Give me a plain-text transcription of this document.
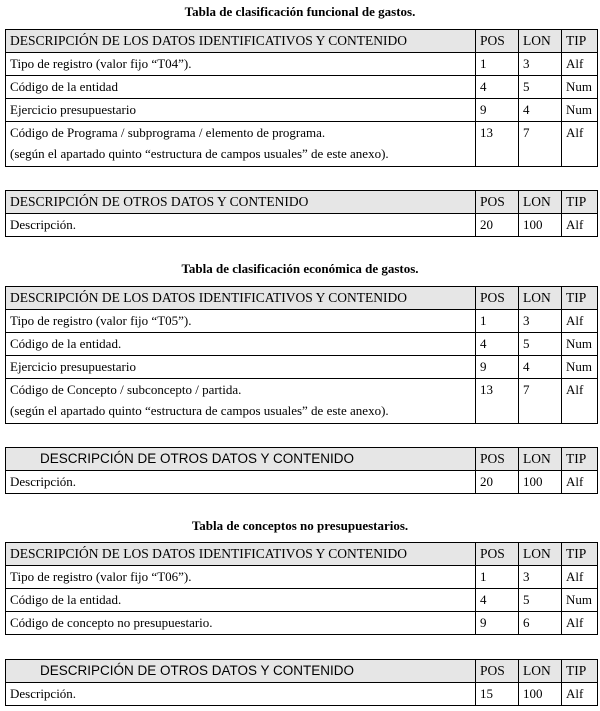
Tabla de clasificación funcional de gastos.
DESCRIPCIÓN DE LOS DATOS IDENTIFICATIVOS Y CONTENIDO	POS	LON	TIP
Tipo de registro (valor fijo “T04”).	1	3	Alf
Código de la entidad	4	5	Num
Ejercicio presupuestario	9	4	Num

Código de Programa / subprograma / elemento de programa.
(según el apartado quinto “estructura de campos usuales” de este anexo).	13	7	Alf
DESCRIPCIÓN DE OTROS DATOS Y CONTENIDO	POS	LON	TIP
Descripción.	20	100	Alf
Tabla de clasificación económica de gastos.
DESCRIPCIÓN DE LOS DATOS IDENTIFICATIVOS Y CONTENIDO	POS	LON	TIP
Tipo de registro (valor fijo “T05”).	1	3	Alf
Código de la entidad.	4	5	Num
Ejercicio presupuestario	9	4	Num

Código de Concepto / subconcepto / partida.
(según el apartado quinto “estructura de campos usuales” de este anexo).	13	7	Alf
DESCRIPCIÓN DE OTROS DATOS Y CONTENIDO	POS	LON	TIP
Descripción.	20	100	Alf
Tabla de conceptos no presupuestarios.
DESCRIPCIÓN DE LOS DATOS IDENTIFICATIVOS Y CONTENIDO	POS	LON	TIP
Tipo de registro (valor fijo “T06”).	1	3	Alf
Código de la entidad.	4	5	Num
Código de concepto no presupuestario.	9	6	Alf
DESCRIPCIÓN DE OTROS DATOS Y CONTENIDO	POS	LON	TIP
Descripción.	15	100	Alf
